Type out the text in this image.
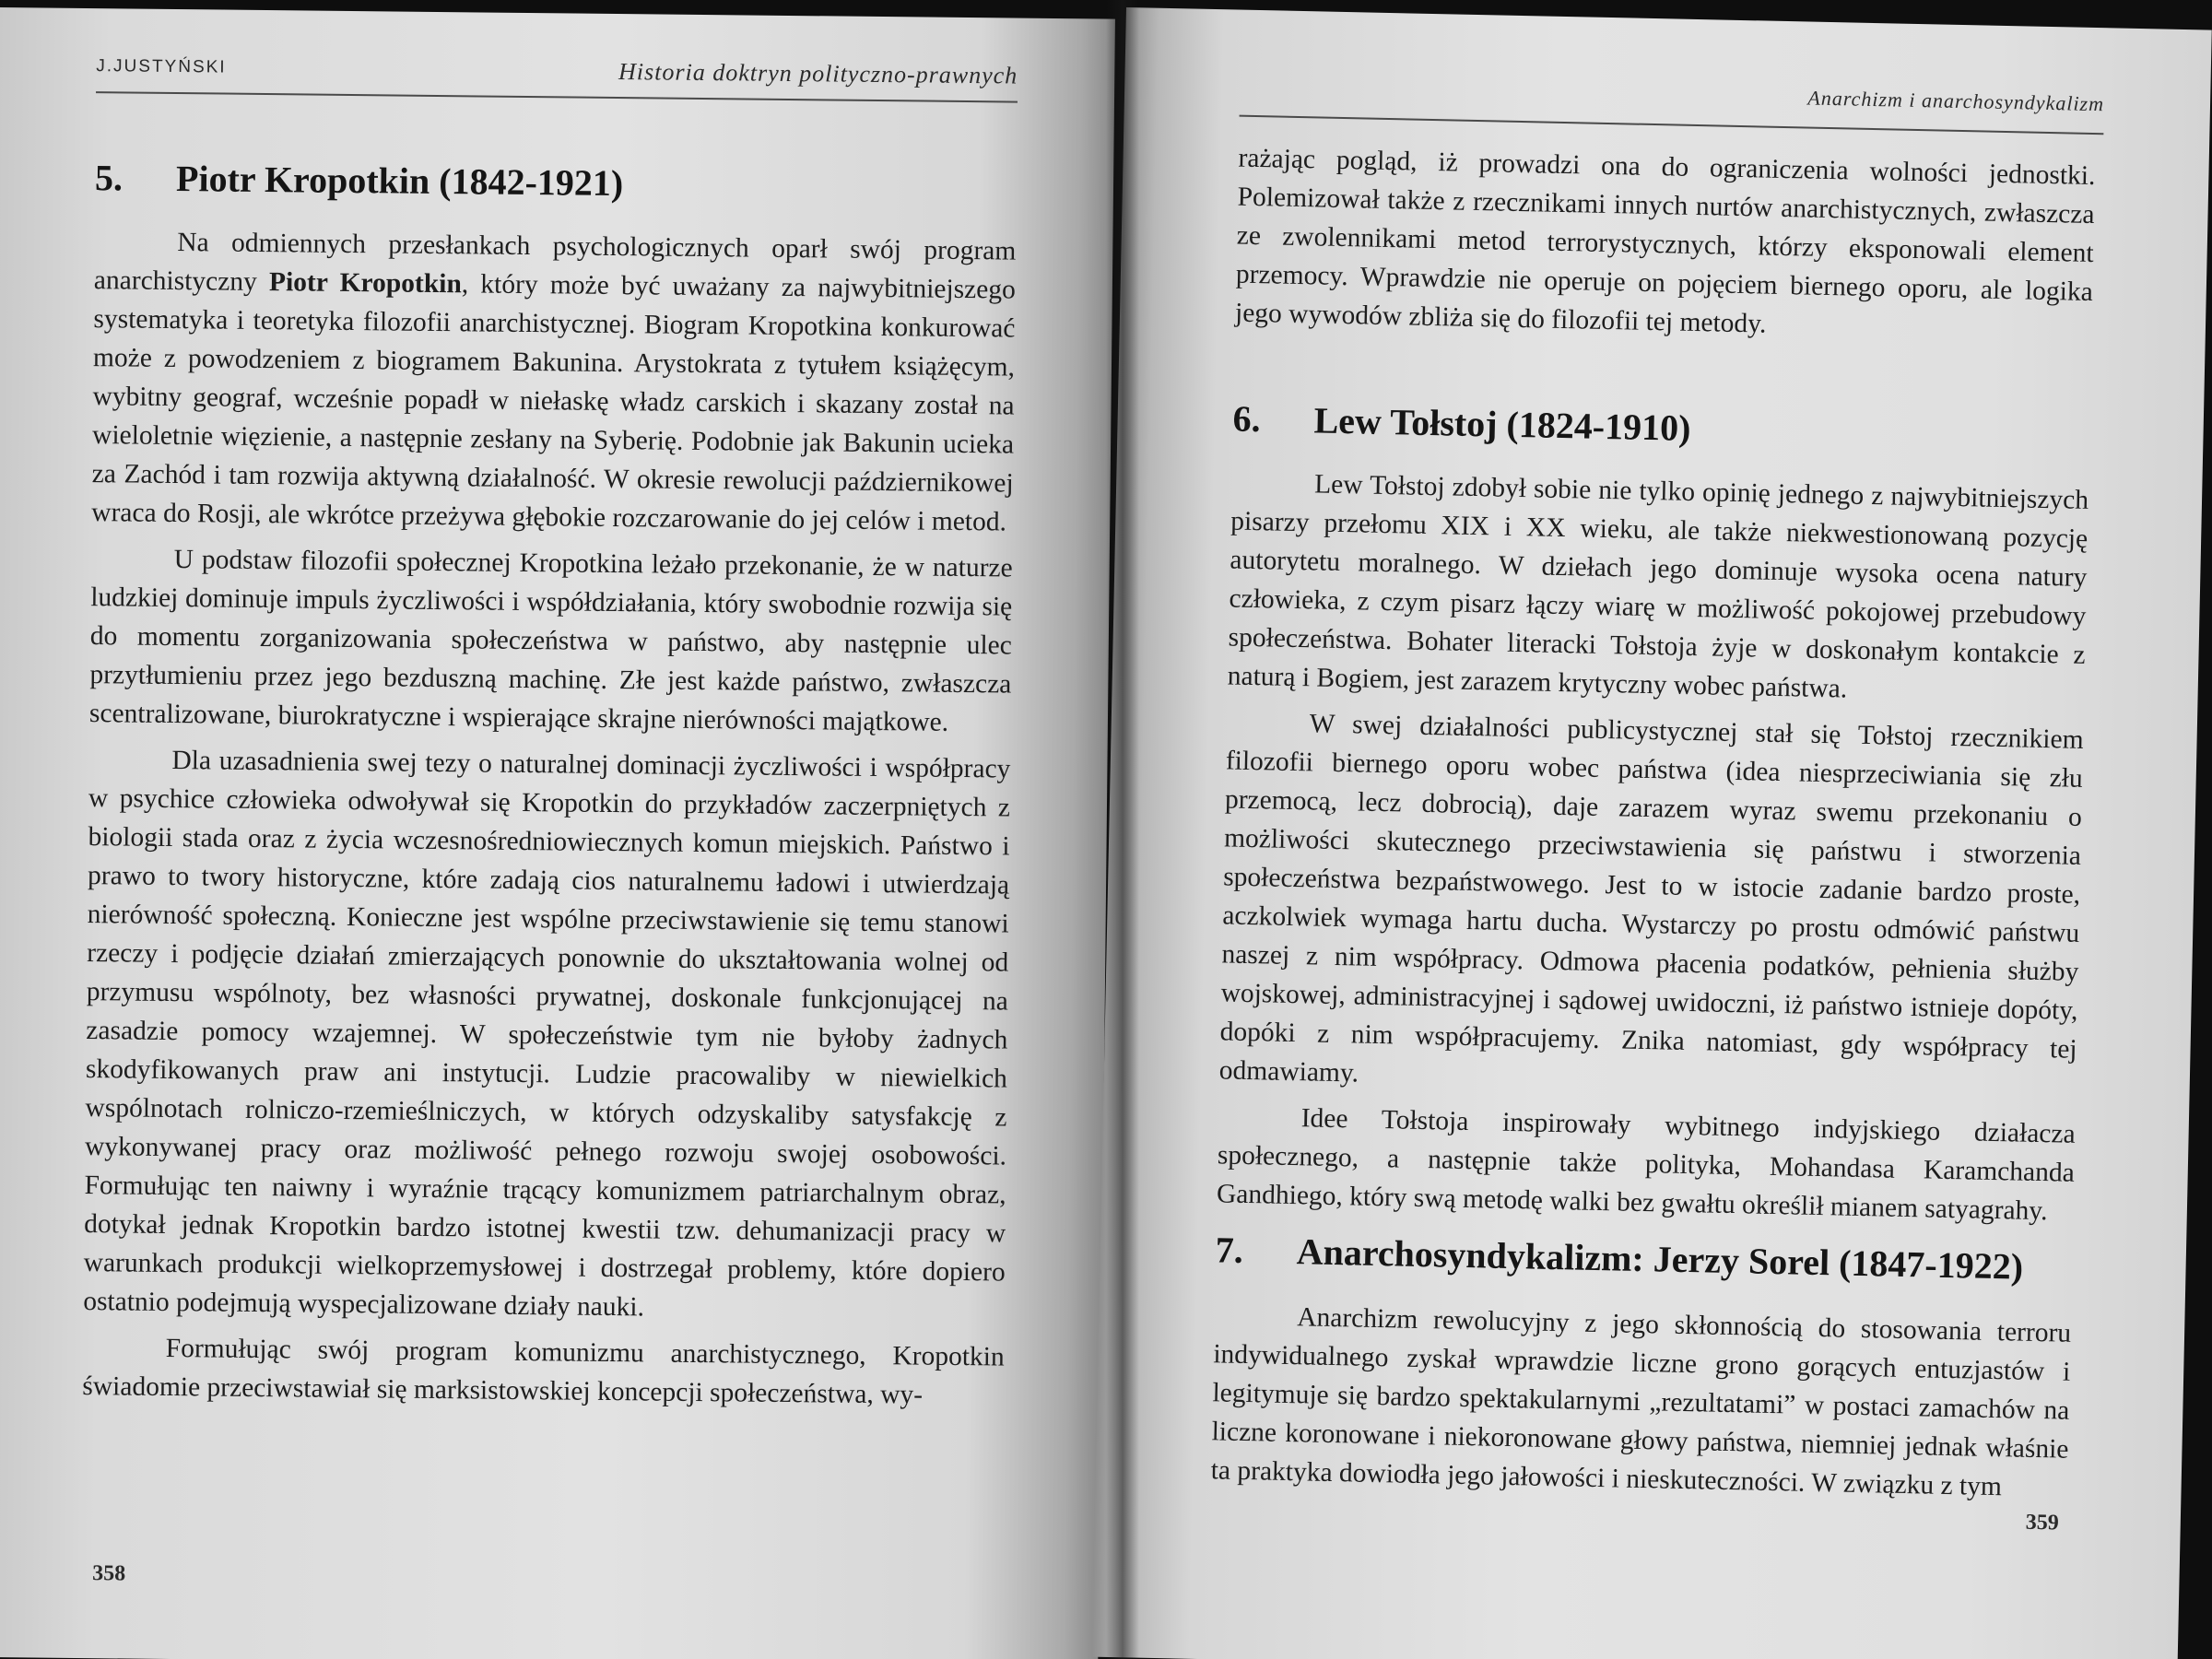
J.JUSTYŃSKI	Historia doktryn polityczno-prawnych
5. Piotr Kropotkin (1842-1921)

Na odmiennych przesłankach psychologicznych oparł swój program anarchistyczny Piotr Kropotkin, który może być uważany za najwybitniejszego systematyka i teoretyka filozofii anarchistycznej. Biogram Kropotkina konkurować może z powodzeniem z biogramem Bakunina. Arystokrata z tytułem książęcym, wybitny geograf, wcześnie popadł w niełaskę władz carskich i skazany został na wieloletnie więzienie, a następnie zesłany na Syberię. Podobnie jak Bakunin ucieka za Zachód i tam rozwija aktywną działalność. W okresie rewolucji październikowej wraca do Rosji, ale wkrótce przeżywa głębokie rozczarowanie do jej celów i metod.

U podstaw filozofii społecznej Kropotkina leżało przekonanie, że w naturze ludzkiej dominuje impuls życzliwości i współdziałania, który swobodnie rozwija się do momentu zorganizowania społeczeństwa w państwo, aby następnie ulec przytłumieniu przez jego bezduszną machinę. Złe jest każde państwo, zwłaszcza scentralizowane, biurokratyczne i wspierające skrajne nierówności majątkowe.

Dla uzasadnienia swej tezy o naturalnej dominacji życzliwości i współpracy w psychice człowieka odwoływał się Kropotkin do przykładów zaczerpniętych z biologii stada oraz z życia wczesnośredniowiecznych komun miejskich. Państwo i prawo to twory historyczne, które zadają cios naturalnemu ładowi i utwierdzają nierówność społeczną. Konieczne jest wspólne przeciwstawienie się temu stanowi rzeczy i podjęcie działań zmierzających ponownie do ukształtowania wolnej od przymusu wspólnoty, bez własności prywatnej, doskonale funkcjonującej na zasadzie pomocy wzajemnej. W społeczeństwie tym nie byłoby żadnych skodyfikowanych praw ani instytucji. Ludzie pracowaliby w niewielkich wspólnotach rolniczo-rzemieślniczych, w których odzyskaliby satysfakcję z wykonywanej pracy oraz możliwość pełnego rozwoju swojej osobowości. Formułując ten naiwny i wyraźnie trącący komunizmem patriarchalnym obraz, dotykał jednak Kropotkin bardzo istotnej kwestii tzw. dehumanizacji pracy w warunkach produkcji wielkoprzemysłowej i dostrzegał problemy, które dopiero ostatnio podejmują wyspecjalizowane działy nauki.

Formułując swój program komunizmu anarchistycznego, Kropotkin świadomie przeciwstawiał się marksistowskiej koncepcji społeczeństwa, wy-

358
Anarchizm i anarchosyndykalizm

rażając pogląd, iż prowadzi ona do ograniczenia wolności jednostki. Polemizował także z rzecznikami innych nurtów anarchistycznych, zwłaszcza ze zwolennikami metod terrorystycznych, którzy eksponowali element przemocy. Wprawdzie nie operuje on pojęciem biernego oporu, ale logika jego wywodów zbliża się do filozofii tej metody.

6. Lew Tołstoj (1824-1910)

Lew Tołstoj zdobył sobie nie tylko opinię jednego z najwybitniejszych pisarzy przełomu XIX i XX wieku, ale także niekwestionowaną pozycję autorytetu moralnego. W dziełach jego dominuje wysoka ocena natury człowieka, z czym pisarz łączy wiarę w możliwość pokojowej przebudowy społeczeństwa. Bohater literacki Tołstoja żyje w doskonałym kontakcie z naturą i Bogiem, jest zarazem krytyczny wobec państwa.

W swej działalności publicystycznej stał się Tołstoj rzecznikiem filozofii biernego oporu wobec państwa (idea niesprzeciwiania się złu przemocą, lecz dobrocią), daje zarazem wyraz swemu przekonaniu o możliwości skutecznego przeciwstawienia się państwu i stworzenia społeczeństwa bezpaństwowego. Jest to w istocie zadanie bardzo proste, aczkolwiek wymaga hartu ducha. Wystarczy po prostu odmówić państwu naszej z nim współpracy. Odmowa płacenia podatków, pełnienia służby wojskowej, administracyjnej i sądowej uwidoczni, iż państwo istnieje dopóty, dopóki z nim współpracujemy. Znika natomiast, gdy współpracy tej odmawiamy.

Idee Tołstoja inspirowały wybitnego indyjskiego działacza społecznego, a następnie także polityka, Mohandasa Karamchanda Gandhiego, który swą metodę walki bez gwałtu określił mianem satyagrahy.

7. Anarchosyndykalizm: Jerzy Sorel (1847-1922)

Anarchizm rewolucyjny z jego skłonnością do stosowania terroru indywidualnego zyskał wprawdzie liczne grono gorących entuzjastów i legitymuje się bardzo spektakularnymi „rezultatami” w postaci zamachów na liczne koronowane i niekoronowane głowy państwa, niemniej jednak właśnie ta praktyka dowiodła jego jałowości i nieskuteczności. W związku z tym

359
